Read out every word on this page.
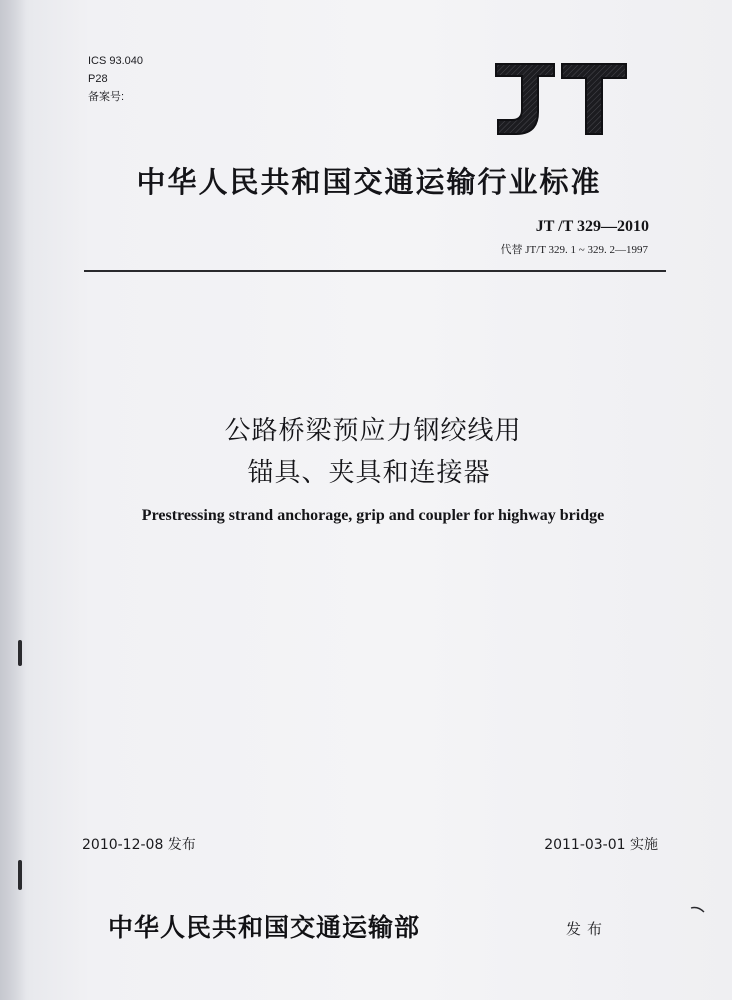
ICS 93.040
P28
备案号:
中华人民共和国交通运输行业标准
JT /T 329—2010
代替 JT/T 329. 1 ~ 329. 2—1997
公路桥梁预应力钢绞线用
锚具、夹具和连接器
Prestressing strand anchorage, grip and coupler for highway bridge
2010-12-08 发布	2011-03-01 实施
中华人民共和国交通运输部	发布
